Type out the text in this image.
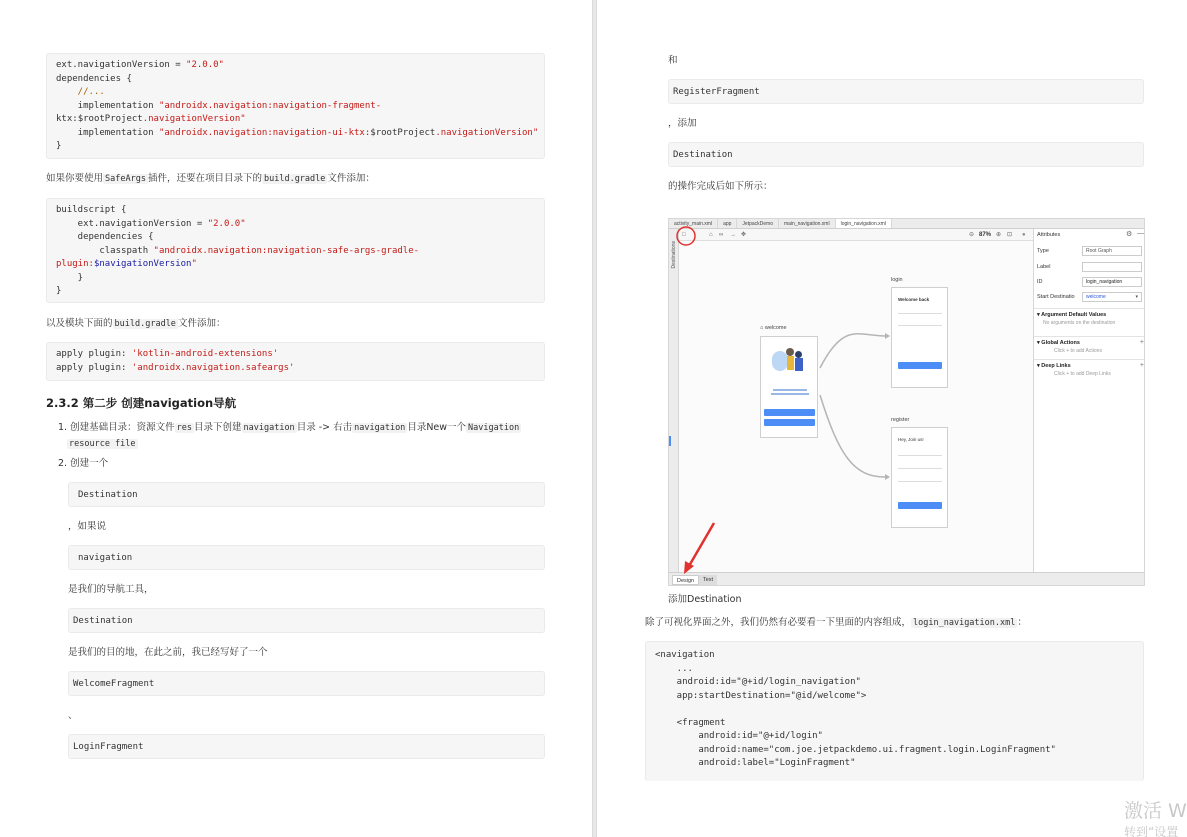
ext.navigationVersion = "2.0.0"
dependencies {
//...
implementation "androidx.navigation:navigation-fragment-
ktx:$rootProject.navigationVersion"
implementation "androidx.navigation:navigation-ui-ktx:$rootProject.navigationVersion"
}
如果你要使用 SafeArgs 插件，还要在项目目录下的 build.gradle 文件添加：
buildscript {
ext.navigationVersion = "2.0.0"
dependencies {
classpath "androidx.navigation:navigation-safe-args-gradle-
plugin:$navigationVersion"
}
}
以及模块下面的 build.gradle 文件添加：
apply plugin: 'kotlin-android-extensions'
apply plugin: 'androidx.navigation.safeargs'
2.3.2 第二步 创建navigation导航
1. 创建基础目录：资源文件 res 目录下创建 navigation 目录 -> 右击 navigation 目录New一个 Navigation
resource file
2. 创建一个
Destination
，如果说
navigation
是我们的导航工具，
Destination
是我们的目的地，在此之前，我已经写好了一个
WelcomeFragment
、
LoginFragment
和
RegisterFragment
，添加
Destination
的操作完成后如下所示：
activity_main.xml	app	JetpackDemo	main_navigation.xml	login_navigation.xml
Destinations
□	⌂ ∞ → ✥	⊖ 87% ⊕ ⊡ ●
⌂ welcome
login
Welcome back
register
Hey, Join us!
Attributes	⚙ —
Type	Root Graph
Label
ID	login_navigation
Start Destinatio	welcome	▾
▾ Argument Default Values
No arguments on the destination
▾ Global Actions	+
Click + to add Actions
▾ Deep Links	+
Click + to add Deep Links
Design	Text
添加Destination
除了可视化界面之外，我们仍然有必要看一下里面的内容组成， login_navigation.xml ：
<navigation
...
android:id="@+id/login_navigation"
app:startDestination="@id/welcome">

<fragment
android:id="@+id/login"
android:name="com.joe.jetpackdemo.ui.fragment.login.LoginFragment"
android:label="LoginFragment"
激活 W
转到“设置
